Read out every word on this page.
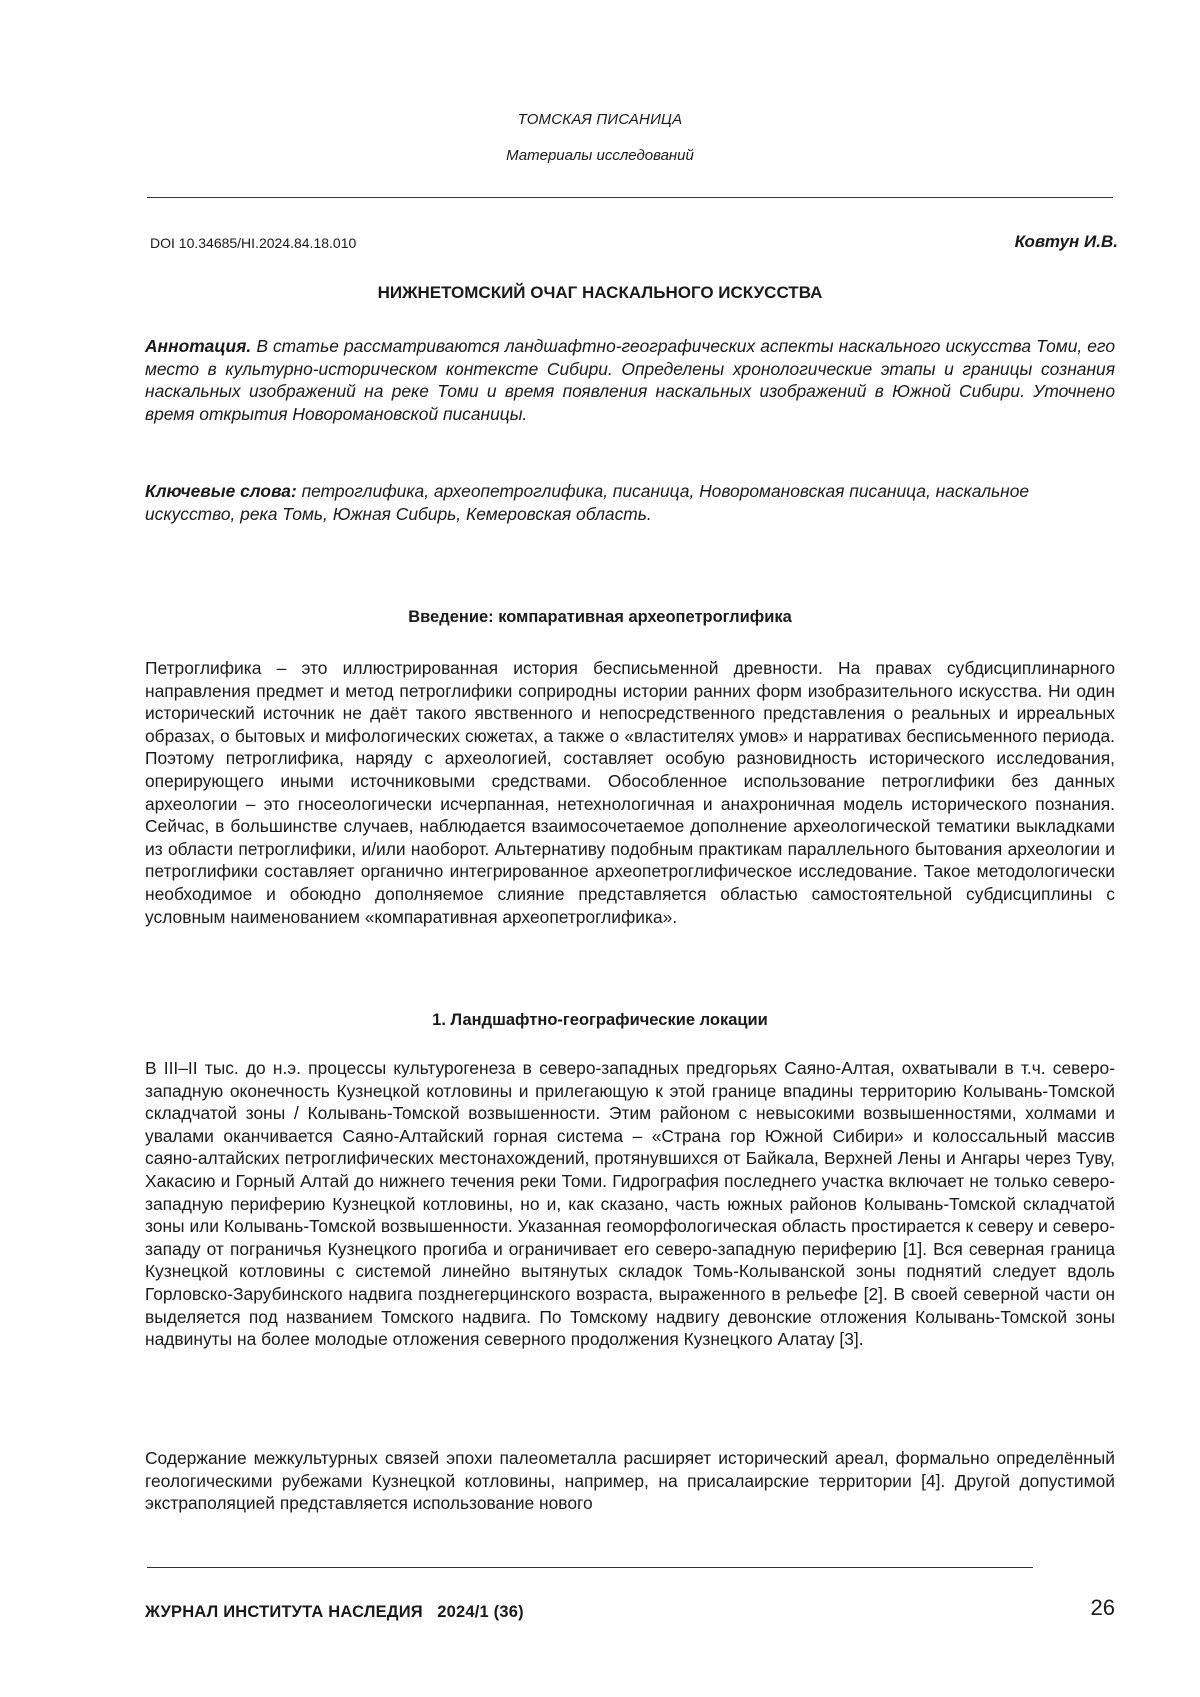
ТОМСКАЯ ПИСАНИЦА
Материалы исследований
DOI 10.34685/HI.2024.84.18.010	Ковтун И.В.
НИЖНЕТОМСКИЙ ОЧАГ НАСКАЛЬНОГО ИСКУССТВА
Аннотация. В статье рассматриваются ландшафтно-географических аспекты наскального искусства Томи, его место в культурно-историческом контексте Сибири. Определены хронологические этапы и границы сознания наскальных изображений на реке Томи и время появления наскальных изображений в Южной Сибири. Уточнено время открытия Новоромановской писаницы.
Ключевые слова: петроглифика, археопетроглифика, писаница, Новоромановская писаница, наскальное искусство, река Томь, Южная Сибирь, Кемеровская область.
Введение: компаративная археопетроглифика
Петроглифика – это иллюстрированная история бесписьменной древности. На правах субдисциплинарного направления предмет и метод петроглифики соприродны истории ранних форм изобразительного искусства. Ни один исторический источник не даёт такого явственного и непосредственного представления о реальных и ирреальных образах, о бытовых и мифологических сюжетах, а также о «властителях умов» и нарративах бесписьменного периода. Поэтому петроглифика, наряду с археологией, составляет особую разновидность исторического исследования, оперирующего иными источниковыми средствами. Обособленное использование петроглифики без данных археологии – это гносеологически исчерпанная, нетехнологичная и анахроничная модель исторического познания. Сейчас, в большинстве случаев, наблюдается взаимосочетаемое дополнение археологической тематики выкладками из области петроглифики, и/или наоборот. Альтернативу подобным практикам параллельного бытования археологии и петроглифики составляет органично интегрированное археопетроглифическое исследование. Такое методологически необходимое и обоюдно дополняемое слияние представляется областью самостоятельной субдисциплины с условным наименованием «компаративная археопетроглифика».
1. Ландшафтно-географические локации
В III–II тыс. до н.э. процессы культурогенеза в северо-западных предгорьях Саяно-Алтая, охватывали в т.ч. северо-западную оконечность Кузнецкой котловины и прилегающую к этой границе впадины территорию Колывань-Томской складчатой зоны / Колывань-Томской возвышенности. Этим районом с невысокими возвышенностями, холмами и увалами оканчивается Саяно-Алтайский горная система – «Страна гор Южной Сибири» и колоссальный массив саяно-алтайских петроглифических местонахождений, протянувшихся от Байкала, Верхней Лены и Ангары через Туву, Хакасию и Горный Алтай до нижнего течения реки Томи. Гидрография последнего участка включает не только северо-западную периферию Кузнецкой котловины, но и, как сказано, часть южных районов Колывань-Томской складчатой зоны или Колывань-Томской возвышенности. Указанная геоморфологическая область простирается к северу и северо-западу от пограничья Кузнецкого прогиба и ограничивает его северо-западную периферию [1]. Вся северная граница Кузнецкой котловины с системой линейно вытянутых складок Томь-Колыванской зоны поднятий следует вдоль Горловско-Зарубинского надвига позднегерцинского возраста, выраженного в рельефе [2]. В своей северной части он выделяется под названием Томского надвига. По Томскому надвигу девонские отложения Колывань-Томской зоны надвинуты на более молодые отложения северного продолжения Кузнецкого Алатау [3].
Содержание межкультурных связей эпохи палеометалла расширяет исторический ареал, формально определённый геологическими рубежами Кузнецкой котловины, например, на присалаирские территории [4]. Другой допустимой экстраполяцией представляется использование нового
ЖУРНАЛ ИНСТИТУТА НАСЛЕДИЯ   2024/1 (36)	26
